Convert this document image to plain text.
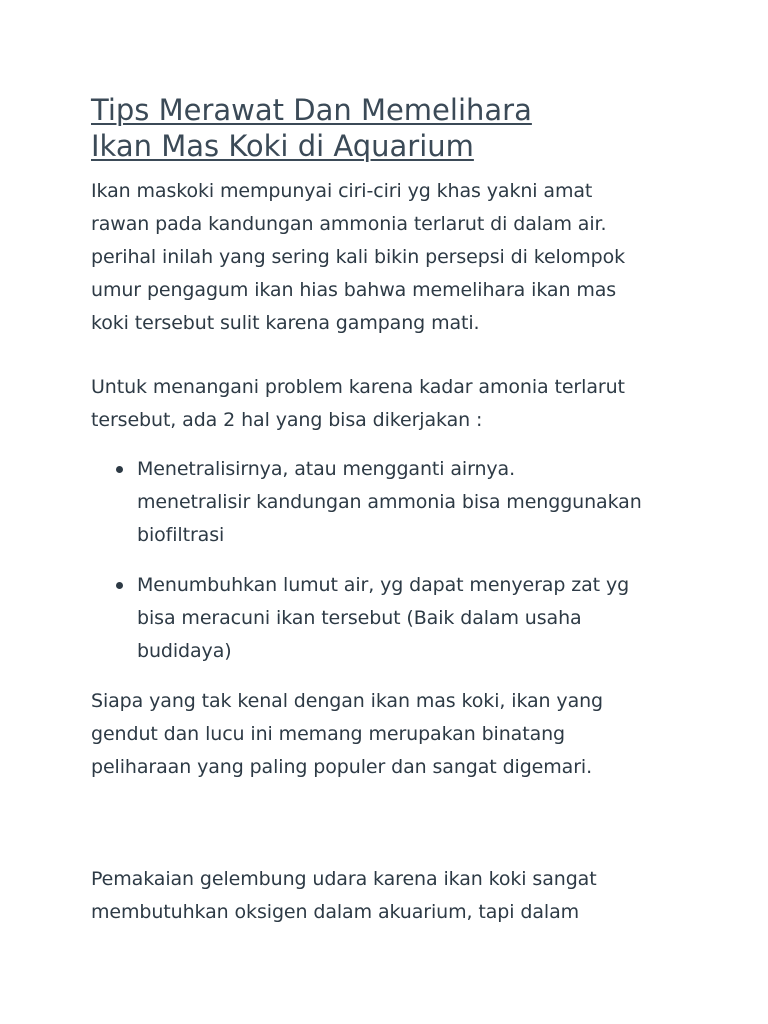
Tips Merawat Dan Memelihara
Ikan Mas Koki di Aquarium

Ikan maskoki mempunyai ciri-ciri yg khas yakni amat
rawan pada kandungan ammonia terlarut di dalam air.
perihal inilah yang sering kali bikin persepsi di kelompok
umur pengagum ikan hias bahwa memelihara ikan mas
koki tersebut sulit karena gampang mati.

Untuk menangani problem karena kadar amonia terlarut
tersebut, ada 2 hal yang bisa dikerjakan :

Menetralisirnya, atau mengganti airnya.
menetralisir kandungan ammonia bisa menggunakan
biofiltrasi
Menumbuhkan lumut air, yg dapat menyerap zat yg
bisa meracuni ikan tersebut (Baik dalam usaha
budidaya)

Siapa yang tak kenal dengan ikan mas koki, ikan yang
gendut dan lucu ini memang merupakan binatang
peliharaan yang paling populer dan sangat digemari.

Pemakaian gelembung udara karena ikan koki sangat
membutuhkan oksigen dalam akuarium, tapi dalam
